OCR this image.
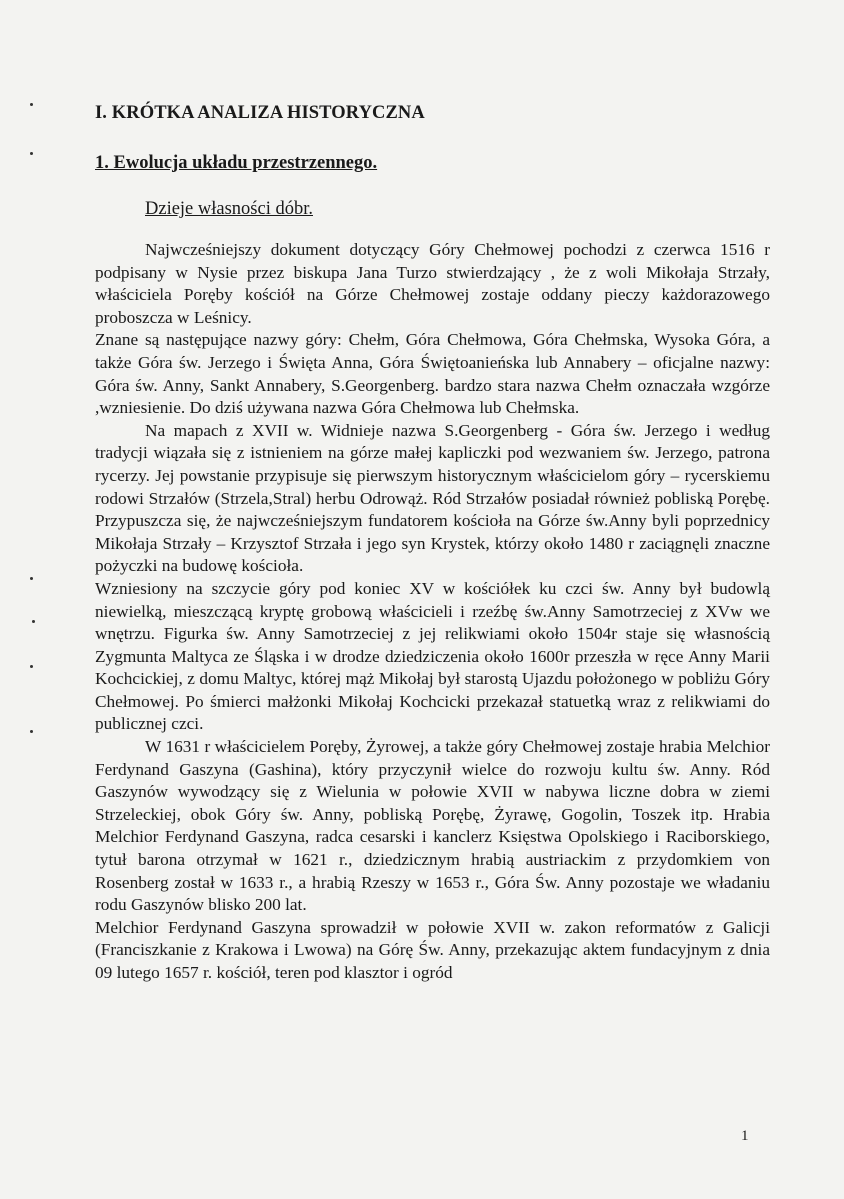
I. KRÓTKA ANALIZA HISTORYCZNA
1. Ewolucja układu przestrzennego.
Dzieje własności dóbr.

Najwcześniejszy dokument dotyczący Góry Chełmowej pochodzi z czerwca 1516 r podpisany w Nysie przez biskupa Jana Turzo stwierdzający , że z woli Mikołaja Strzały, właściciela Poręby kościół na Górze Chełmowej zostaje oddany pieczy każdorazowego proboszcza w Leśnicy.

Znane są następujące nazwy góry: Chełm, Góra Chełmowa, Góra Chełmska, Wysoka Góra, a także Góra św. Jerzego i Święta Anna, Góra Świętoanieńska lub Annabery – oficjalne nazwy: Góra św. Anny, Sankt Annabery, S.Georgenberg. bardzo stara nazwa Chełm oznaczała wzgórze ,wzniesienie. Do dziś używana nazwa Góra Chełmowa lub Chełmska.

Na mapach z XVII w. Widnieje nazwa S.Georgenberg - Góra św. Jerzego i według tradycji wiązała się z istnieniem na górze małej kapliczki pod wezwaniem św. Jerzego, patrona rycerzy. Jej powstanie przypisuje się pierwszym historycznym właścicielom góry – rycerskiemu rodowi Strzałów (Strzela,Stral) herbu Odrowąż. Ród Strzałów posiadał również pobliską Porębę. Przypuszcza się, że najwcześniejszym fundatorem kościoła na Górze św.Anny byli poprzednicy Mikołaja Strzały – Krzysztof Strzała i jego syn Krystek, którzy około 1480 r zaciągnęli znaczne pożyczki na budowę kościoła.

Wzniesiony na szczycie góry pod koniec XV w kościółek ku czci św. Anny był budowlą niewielką, mieszczącą kryptę grobową właścicieli i rzeźbę św.Anny Samotrzeciej z XVw we wnętrzu. Figurka św. Anny Samotrzeciej z jej relikwiami około 1504r staje się własnością Zygmunta Maltyca ze Śląska i w drodze dziedziczenia około 1600r przeszła w ręce Anny Marii Kochcickiej, z domu Maltyc, której mąż Mikołaj był starostą Ujazdu położonego w pobliżu Góry Chełmowej. Po śmierci małżonki Mikołaj Kochcicki przekazał statuetką wraz z relikwiami do publicznej czci.

W 1631 r właścicielem Poręby, Żyrowej, a także góry Chełmowej zostaje hrabia Melchior Ferdynand Gaszyna (Gashina), który przyczynił wielce do rozwoju kultu św. Anny. Ród Gaszynów wywodzący się z Wielunia w połowie XVII w nabywa liczne dobra w ziemi Strzeleckiej, obok Góry św. Anny, pobliską Porębę, Żyrawę, Gogolin, Toszek itp. Hrabia Melchior Ferdynand Gaszyna, radca cesarski i kanclerz Księstwa Opolskiego i Raciborskiego, tytuł barona otrzymał w 1621 r., dziedzicznym hrabią austriackim z przydomkiem von Rosenberg został w 1633 r., a hrabią Rzeszy w 1653 r., Góra Św. Anny pozostaje we władaniu rodu Gaszynów blisko 200 lat.

Melchior Ferdynand Gaszyna sprowadził w połowie XVII w. zakon reformatów z Galicji (Franciszkanie z Krakowa i Lwowa) na Górę Św. Anny, przekazując aktem fundacyjnym z dnia 09 lutego 1657 r. kościół, teren pod klasztor i ogród

1
